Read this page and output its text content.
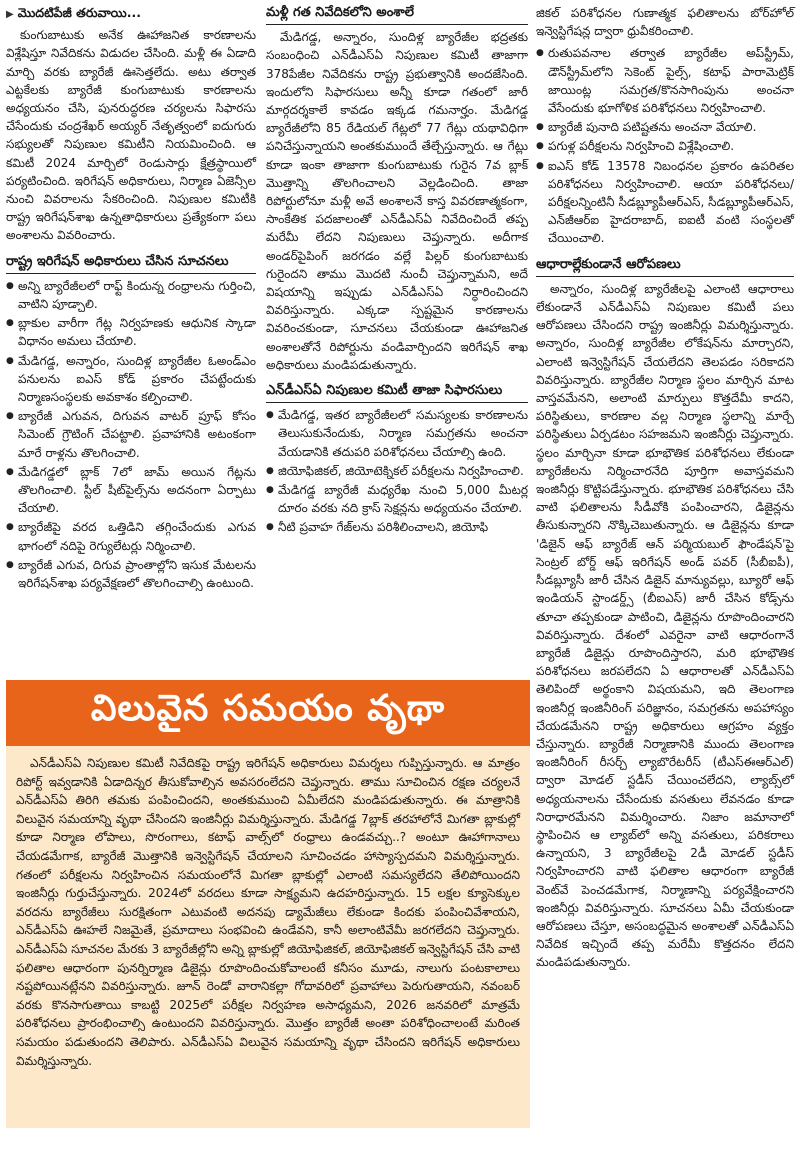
▶ మొదటిపేజీ తరువాయి...

కుంగుబాటుకు అనేక ఊహాజనిత కారణాలను విశ్లేషిస్తూ నివేదికను విడుదల చేసింది. మళ్లీ ఈ ఏడాది మార్చి వరకు బ్యారేజీ ఊసెత్తలేదు. అటు తర్వాత ఎట్టకేలకు బ్యారేజీ కుంగుబాటుకు కారణాలను అధ్యయనం చేసి, పునరుద్ధరణ చర్యలను సిఫారసు చేసేందుకు చంద్రశేఖర్ అయ్యర్ నేతృత్వంలో ఐదుగురు సభ్యులతో నిపుణుల కమిటీని నియమించింది. ఆ కమిటీ 2024 మార్చిలో రెండుసార్లు క్షేత్రస్థాయిలో పర్యటించింది. ఇరిగేషన్ అధికారులు, నిర్మాణ ఏజెన్సీల నుంచి వివరాలను సేకరించింది. నిపుణుల కమిటీకి రాష్ట్ర ఇరిగేషన్‌శాఖ ఉన్నతాధికారులు ప్రత్యేకంగా పలు అంశాలను వివరించారు.

రాష్ట్ర ఇరిగేషన్ అధికారులు చేసిన సూచనలు
● అన్ని బ్యారేజీలలో రాఫ్ట్ కిందున్న రంధ్రాలను గుర్తించి, వాటిని పూడ్చాలి.
● బ్లాకుల వారీగా గేట్ల నిర్వహణకు ఆధునిక స్కాడా విధానం అమలు చేయాలి.
● మేడిగడ్డ, అన్నారం, సుందిళ్ల బ్యారేజీల ఓఅండ్ఎం పనులను ఐఎస్ కోడ్ ప్రకారం చేపట్టేందుకు నిర్మాణసంస్థలకు అవకాశం కల్పించాలి.
● బ్యారేజీ ఎగువన, దిగువన వాటర్ ప్రూఫ్ కోసం సిమెంట్ గ్రౌటింగ్ చేపట్టాలి. ప్రవాహానికి అటంకంగా మారే రాళ్లను తొలగించాలి.
● మేడిగడ్డలో బ్లాక్ 7లో జామ్ అయిన గేట్లను తొలగించాలి. స్టీల్ షీట్‌పైల్స్‌ను అదనంగా ఏర్పాటు చేయాలి.
● బ్యారేజీపై వరద ఒత్తిడిని తగ్గించేందుకు ఎగువ భాగంలో నదిపై రెగ్యులేటర్లు నిర్మించాలి.
● బ్యారేజీ ఎగువ, దిగువ ప్రాంతాల్లోని ఇసుక మేటలను ఇరిగేషన్‌శాఖ పర్యవేక్షణలో తొలగించాల్సి ఉంటుంది.
మళ్లీ గత నివేదికలోని అంశాలే

మేడిగడ్డ, అన్నారం, సుందిళ్ల బ్యారేజీల భద్రతకు సంబంధించి ఎన్‌డీఎస్‌ఏ నిపుణుల కమిటీ తాజాగా 378పేజీల నివేదికను రాష్ట్ర ప్రభుత్వానికి అందజేసింది. ఇందులోని సిఫారసులు అన్నీ కూడా గతంలో జారీ మార్గదర్శకాలే కావడం ఇక్కడ గమనార్హం. మేడిగడ్డ బ్యారేజీలోని 85 రేడియల్ గేట్లలో 77 గేట్లు యథావిధిగా పనిచేస్తున్నాయని అంతకుముందే తేల్చేస్తున్నారు. ఆ గేట్లు కూడా ఇంకా తాజాగా కుంగుబాటుకు గురైన 7వ బ్లాక్ మొత్తాన్ని తొలగించాలని వెల్లడించింది. తాజా రిపోర్టులోనూ మళ్లీ అవే అంశాలనే కాస్త వివరణాత్మకంగా, సాంకేతిక పదజాలంతో ఎన్‌డీఎస్‌ఏ నివేదించిందే తప్ప మరేమీ లేదని నిపుణులు చెప్తున్నారు. అదీగాక అండర్‌పైపింగ్ జరగడం వల్లే పిల్లర్ కుంగుబాటుకు గురైందని తాము మొదటి నుంచీ చెప్తున్నామని, అదే విషయాన్ని ఇప్పుడు ఎన్‌డీఎస్‌ఏ నిర్ధారించిందని వివరిస్తున్నారు. ఎక్కడా స్పష్టమైన కారణాలను వివరించకుండా, సూచనలు చేయకుండా ఊహాజనిత అంశాలతోనే రిపోర్టును వండివార్చిందని ఇరిగేషన్ శాఖ అధికారులు మండిపడుతున్నారు.

ఎన్‌డీఎస్‌ఏ నిపుణుల కమిటీ తాజా సిఫారసులు
● మేడిగడ్డ, ఇతర బ్యారేజీలలో సమస్యలకు కారణాలను తెలుసుకునేందుకు, నిర్మాణ సమగ్రతను అంచనా వేయడానికి తదుపరి పరిశోధనలు చేయాల్సి ఉంది.
● జియోఫిజికల్, జియోటెక్నికల్ పరీక్షలను నిర్వహించాలి.
● మేడిగడ్డ బ్యారేజీ మధ్యరేఖ నుంచి 5,000 మీటర్ల దూరం వరకు నది క్రాస్ సెక్షన్లను అధ్యయనం చేయాలి.
● నీటి ప్రవాహ గేజ్‌లను పరిశీలించాలని, జియోఫి

జికల్ పరిశోధనల గుణాత్మక ఫలితాలను బోర్‌హోల్ ఇన్వెస్టిగేషన్ల ద్వారా ధ్రువీకరించాలి.

● రుతుపవనాల తర్వాత బ్యారేజీల అప్‌స్ట్రీమ్, డౌన్‌స్ట్రీమ్‌లోని సెకెంట్ పైల్స్, కటాఫ్ పారామెట్రిక్ జాయింట్ల సమగ్రత/కొనసాగింపును అంచనా వేసేందుకు భూగోళిక పరిశోధనలు నిర్వహించాలి.
● బ్యారేజీ పునాది పటిష్టతను అంచనా వేయాలి.
● పగుళ్ల పరీక్షలను నిర్వహించి విశ్లేషించాలి.
● ఐఎస్ కోడ్ 13578 నిబంధనల ప్రకారం ఉపరితల పరిశోధనలు నిర్వహించాలి. ఆయా పరిశోధనలు/పరీక్షలన్నింటినీ సీడబ్ల్యూపీఆర్ఎస్, సీడబ్ల్యూపీఆర్ఎస్, ఎన్‌జీఆర్ఐ హైదరాబాద్, ఐఐటీ వంటి సంస్థలతో చేయించాలి.
ఆధారాల్లేకుండానే ఆరోపణలు

అన్నారం, సుందిళ్ల బ్యారేజీలపై ఎలాంటి ఆధారాలు లేకుండానే ఎన్‌డీఎస్‌ఏ నిపుణుల కమిటీ పలు ఆరోపణలు చేసిందని రాష్ట్ర ఇంజినీర్లు విమర్శిస్తున్నారు. అన్నారం, సుందిళ్ల బ్యారేజీల లోకేషన్‌ను మార్చారని, ఎలాంటి ఇన్వెస్టిగేషన్ చేయలేదని తెలపడం సరికాదని వివరిస్తున్నారు. బ్యారేజీల నిర్మాణ స్థలం మార్చిన మాట వాస్తవమేనని, అలాంటి మార్పులు కొత్తదేమీ కాదని, పరిస్థితులు, కారణాల వల్ల నిర్మాణ స్థలాన్ని మార్చే పరిస్థితులు ఏర్పడటం సహజమని ఇంజినీర్లు చెప్తున్నారు. స్థలం మార్చినా కూడా భూభౌతిక పరిశోధనలు లేకుండా బ్యారేజీలను నిర్మించారనేది పూర్తిగా అవాస్తవమని ఇంజినీర్లు కొట్టిపడేస్తున్నారు. భూభౌతిక పరిశోధనలు చేసి వాటి ఫలితాలను సీడీవోకి పంపించారని, డిజైన్లను తీసుకున్నారని నొక్కిచెబుతున్నారు. ఆ డిజైన్లను కూడా 'డిజైన్ ఆఫ్ బ్యారేజ్ ఆన్ పర్మియబుల్ ఫౌండేషన్'పై సెంట్రల్ బోర్డ్ ఆఫ్ ఇరిగేషన్ అండ్ పవర్ (సీబీఐపీ), సీడబ్ల్యూసీ జారీ చేసిన డిజైన్ మాన్యువల్లు, బ్యూరో ఆఫ్ ఇండియన్ స్టాండర్డ్స్ (బీఐఎస్) జారీ చేసిన కోడ్స్‌ను తూచా తప్పకుండా పాటించి, డిజైన్లను రూపొందించారని వివరిస్తున్నారు. దేశంలో ఎవరైనా వాటి ఆధారంగానే బ్యారేజీ డిజైన్లు రూపొందిస్తారని, మరి భూభౌతిక పరిశోధనలు జరపలేదని ఏ ఆధారాలతో ఎన్‌డీఎస్‌ఏ తెలిపిందో అర్థంకాని విషయమని, ఇది తెలంగాణ ఇంజినీర్ల ఇంజినీరింగ్ పరిజ్ఞానం, సమగ్రతను అపహాస్యం చేయడమేనని రాష్ట్ర అధికారులు ఆగ్రహం వ్యక్తం చేస్తున్నారు. బ్యారేజీ నిర్మాణానికి ముందు తెలంగాణ ఇంజినీరింగ్ రీసర్చ్ ల్యాబొరేటరీస్ (టీఎస్ఈఆర్ఎల్) ద్వారా మోడల్ స్టడీస్ చేయించలేదని, ల్యాబ్స్‌లో అధ్యయనాలను చేసేందుకు వసతులు లేవనడం కూడా నిరాధారమేనని విమర్శించారు. నిజాం జమానాలో స్థాపించిన ఆ ల్యాబ్‌లో అన్ని వసతులు, పరికరాలు ఉన్నాయని, 3 బ్యారేజీలపై 2డీ మోడల్ స్టడీస్ నిర్వహించారని వాటి ఫలితాల ఆధారంగా బ్యారేజీ వెంట్‌వే పెంచడమేగాక, నిర్మాణాన్ని పర్యవేక్షించారని ఇంజినీర్లు వివరిస్తున్నారు. సూచనలు ఏమీ చేయకుండా ఆరోపణలు చేస్తూ, అసంబద్ధమైన అంశాలతో ఎన్‌డీఎస్‌ఏ నివేదిక ఇచ్చిందే తప్ప మరేమీ కొత్తదనం లేదని మండిపడుతున్నారు.

విలువైన సమయం వృథా

ఎన్‌డీఎస్‌ఏ నిపుణుల కమిటీ నివేదికపై రాష్ట్ర ఇరిగేషన్ అధికారులు విమర్శలు గుప్పిస్తున్నారు. ఆ మాత్రం రిపోర్ట్ ఇవ్వడానికి ఏడాదిన్నర తీసుకోవాల్సిన అవసరంలేదని చెప్తున్నారు. తాము సూచించిన రక్షణ చర్యలనే ఎన్‌డీఎస్‌ఏ తిరిగి తమకు పంపించిందని, అంతకుముంచి ఏమీలేదని మండిపడుతున్నారు. ఈ మాత్రానికి విలువైన సమయాన్ని వృథా చేసిందని ఇంజినీర్లు విమర్శిస్తున్నారు. మేడిగడ్డ 7బ్లాక్ తరహాలోనే మిగతా బ్లాకుల్లో కూడా నిర్మాణ లోపాలు, సొరంగాలు, కటాఫ్ వాల్స్‌లో రంధ్రాలు ఉండవచ్చు..? అంటూ ఊహాగానాలు చేయడమేగాక, బ్యారేజీ మొత్తానికి ఇన్వెస్టిగేషన్ చేయాలని సూచించడం హాస్యాస్పదమని విమర్శిస్తున్నారు. గతంలో పరీక్షలను నిర్వహించిన సమయంలోనే మిగతా బ్లాకుల్లో ఎలాంటి సమస్యలేదని తేలిపోయిందని ఇంజినీర్లు గుర్తుచేస్తున్నారు. 2024లో వరదలు కూడా సాక్ష్యమని ఉదహరిస్తున్నారు. 15 లక్షల క్యూసెక్కుల వరదను బ్యారేజీలు సురక్షితంగా ఎటువంటి అదనపు డ్యామేజీలు లేకుండా కిందకు పంపించివేశాయని, ఎన్‌డీఎస్‌ఏ ఊహలే నిజమైతే, ప్రమాదాలు సంభవించి ఉండేవని, కానీ అలాంటివేమీ జరగలేదని చెప్తున్నారు. ఎన్‌డీఎస్‌ఏ సూచనల మేరకు 3 బ్యారేజీల్లోని అన్ని బ్లాకుల్లో జియోఫిజికల్, జియోఫిజికల్ ఇన్వెస్టిగేషన్ చేసి వాటి ఫలితాల ఆధారంగా పునర్నిర్మాణ డిజైన్లు రూపొందించుకోవాలంటే కనీసం మూడు, నాలుగు పంటకాలాలు నష్టపోయినట్లేనని వివరిస్తున్నారు. జూన్ రెండో వారానికల్లా గోదావరిలో ప్రవాహాలు పెరుగుతాయని, నవంబర్ వరకు కొనసాగుతాయి కాబట్టి 2025లో పరీక్షల నిర్వహణ అసాధ్యమని, 2026 జనవరిలో మాత్రమే పరిశోధనలు ప్రారంభించాల్సి ఉంటుందని వివరిస్తున్నారు. మొత్తం బ్యారేజీ అంతా పరిశోధించాలంటే మరింత సమయం పడుతుందని తెలిపారు. ఎన్‌డీఎస్‌ఏ విలువైన సమయాన్ని వృథా చేసిందని ఇరిగేషన్ అధికారులు విమర్శిస్తున్నారు.
